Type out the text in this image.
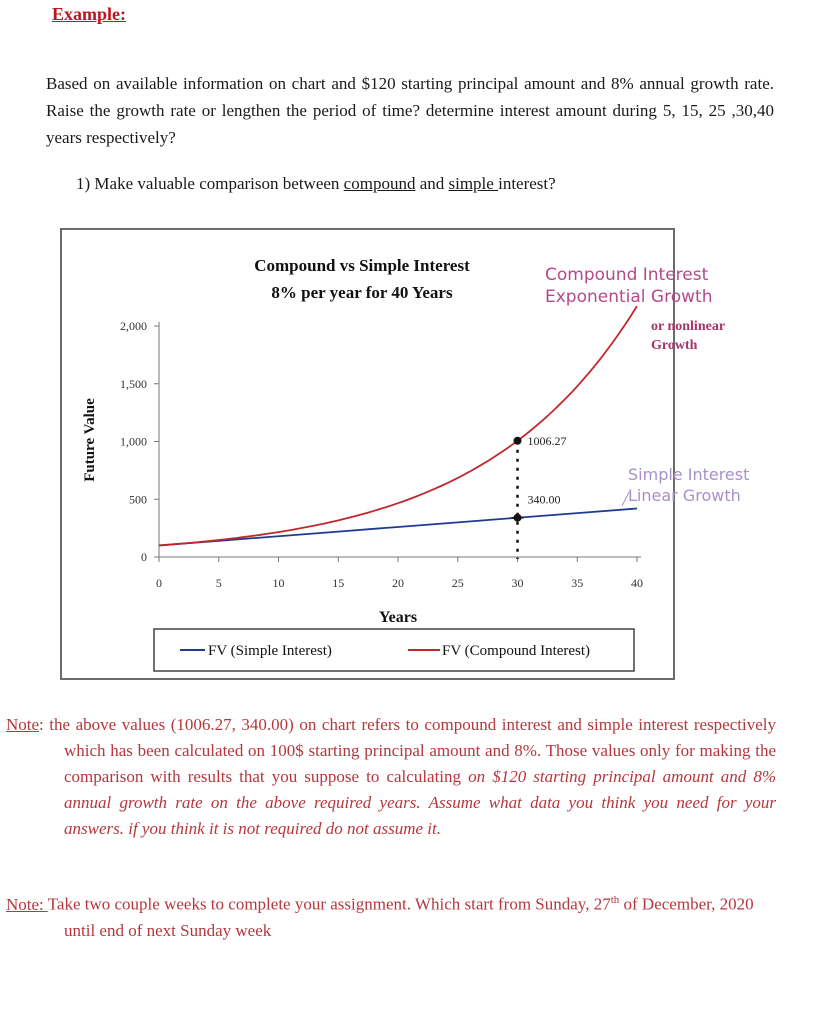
Example:
Based on available information on chart and $120 starting principal amount and 8% annual growth rate. Raise the growth rate or lengthen the period of time? determine interest amount during 5, 15, 25 ,30,40 years respectively?
1) Make valuable comparison between compound and simple interest?
0
500
1,000
1,500
2,000
0	5	10	15	20	25	30	35	40
1006.27
340.00
Compound vs Simple Interest
8% per year for 40 Years
Compound Interest
Exponential Growth
or nonlinear
Growth
Simple Interest
Linear Growth
Years
Future Value
FV (Simple Interest)	FV (Compound Interest)
Note: the above values (1006.27, 340.00) on chart refers to compound interest and simple interest respectively which has been calculated on 100$ starting principal amount and 8%. Those values only for making the comparison with results that you suppose to calculating on $120 starting principal amount and 8% annual growth rate on the above required years. Assume what data you think you need for your answers. if you think it is not required do not assume it.
Note: Take two couple weeks to complete your assignment. Which start from Sunday, 27th of December, 2020 until end of next Sunday week
